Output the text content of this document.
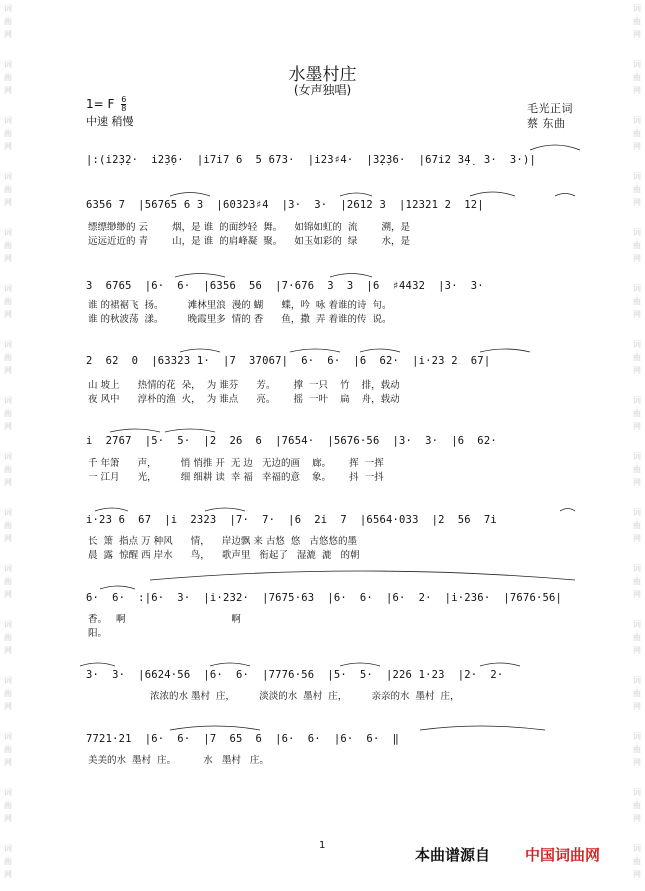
词
曲
网
词
曲
网
词
曲
网
词
曲
网
词
曲
网
词
曲
网
词
曲
网
词
曲
网
词
曲
网
词
曲
网
词
曲
网
词
曲
网
词
曲
网
词
曲
网
词
曲
网
词
曲
网
词
曲
网
词
曲
网
词
曲
网
词
曲
网
词
曲
网
词
曲
网
词
曲
网
词
曲
网
词
曲
网
词
曲
网
词
曲
网
词
曲
网
词
曲
网
词
曲
网
词
曲
网
词
曲
网
水墨村庄
(女声独唱)
1= F $\frac{6}{8}$
中速 稍慢
毛光正词
蔡 东曲
|:(i2̣3̣2·  i2̣3̣6·  |i7i7 6  5 673·  |i23♯4·  |3̣2̣36·  |67i2 3̣4̣  3·  3·)|
6356 7  |56765 6 3  |60323♯4  |3·  3·  |2612 3  |12321 2  12|
缥缥缈缈的 云        烟，是 谁  的面纱轻  舞。    如锦如虹的  流        溯，是
远远近近的 青        山，是 谁  的肩峰凝  聚。    如玉如彩的  绿        水，是
3  6765  |6·  6·  |6356  56  |7·676  3  3  |6  ♯4432  |3·  3·
谁 的裙裾飞  扬。        滩林里浪  漫的 蝴      蝶，吟  咏 着谁的诗  句。
谁 的秋波荡  漾。        晚霞里多  情的 香      鱼，撒  弄 着谁的传  说。
2  62  0  |63323 1·  |7  37067|  6·  6·  |6  62·  |i·23 2  67|
山 坡上      热情的花  朵，  为 谁芬      芳。      撑  一只    竹    排，载动
夜 风中      淳朴的渔  火，  为 谁点      亮。      摇  一叶    扁    舟，载动
i  2767  |5·  5·  |2  26  6  |7654·  |5676·56  |3·  3·  |6  62·
千 年箫      声，        悄 悄推 开  无 边   无边的画    廊。      挥  一挥
一 江月      光，        细 细耕 读  幸 福   幸福的意    象。      抖  一抖
i·23 6  67  |i  2323  |7·  7·  |6  2i  7  |6564·033  |2  56  7i
长  箫  指点 万 种风      情，    岸边飘 来 古悠  悠   古悠悠的墨
晨  露  惊醒 西 岸水      鸟，    歌声里   衔起了   湿漉  漉   的朝
6·  6·  :|6·  3·  |i·232·  |7675·63  |6·  6·  |6·  2·  |i·236·  |7676·56|
香。   啊                                   啊
阳。
3·  3·  |6624·56  |6·  6·  |7776·56  |5·  5·  |226 1·23  |2·  2·
浓浓的水 墨村  庄，        淡淡的水  墨村  庄，        亲亲的水  墨村  庄，
7721·21  |6·  6·  |7  65  6  |6·  6·  |6·  6·  ‖
美美的水  墨村  庄。         水   墨村   庄。
1
本曲谱源自 中国词曲网
